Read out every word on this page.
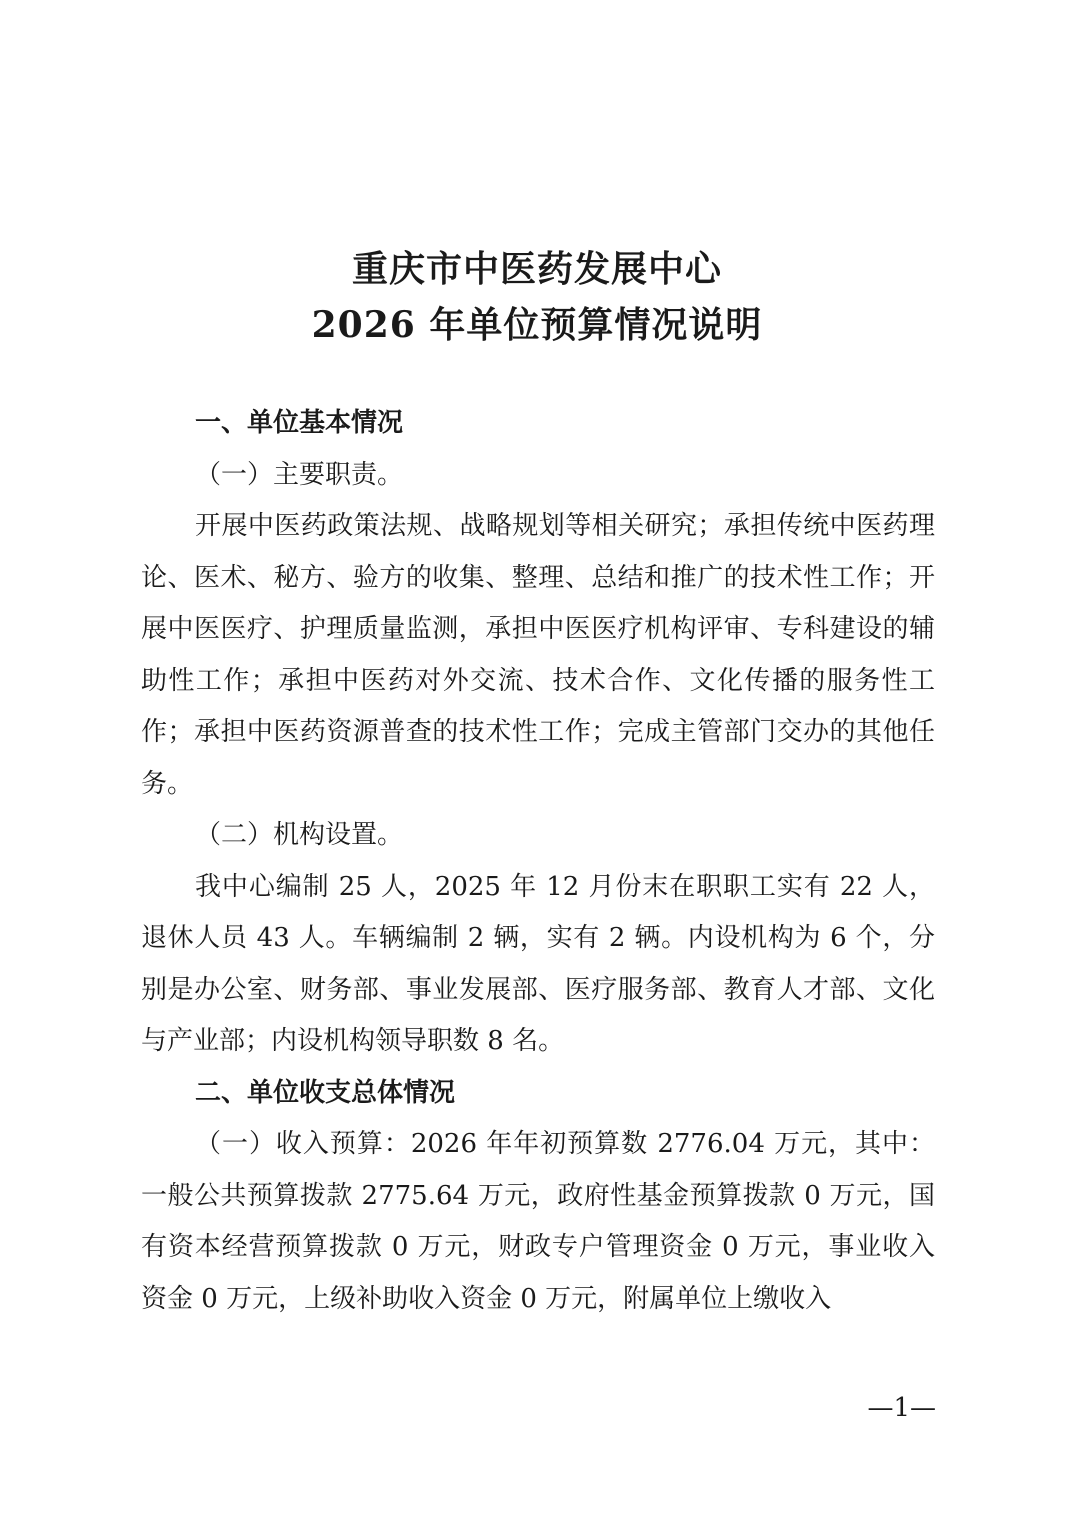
重庆市中医药发展中心
2026 年单位预算情况说明

一、单位基本情况

（一）主要职责。

开展中医药政策法规、战略规划等相关研究；承担传统中医药理论、医术、秘方、验方的收集、整理、总结和推广的技术性工作；开展中医医疗、护理质量监测，承担中医医疗机构评审、专科建设的辅助性工作；承担中医药对外交流、技术合作、文化传播的服务性工作；承担中医药资源普查的技术性工作；完成主管部门交办的其他任务。

（二）机构设置。

我中心编制 25 人，2025 年 12 月份末在职职工实有 22 人，退休人员 43 人。车辆编制 2 辆，实有 2 辆。内设机构为 6 个，分别是办公室、财务部、事业发展部、医疗服务部、教育人才部、文化与产业部；内设机构领导职数 8 名。

二、单位收支总体情况

（一）收入预算：2026 年年初预算数 2776.04 万元，其中：一般公共预算拨款 2775.64 万元，政府性基金预算拨款 0 万元，国有资本经营预算拨款 0 万元，财政专户管理资金 0 万元，事业收入资金 0 万元，上级补助收入资金 0 万元，附属单位上缴收入

—1—
